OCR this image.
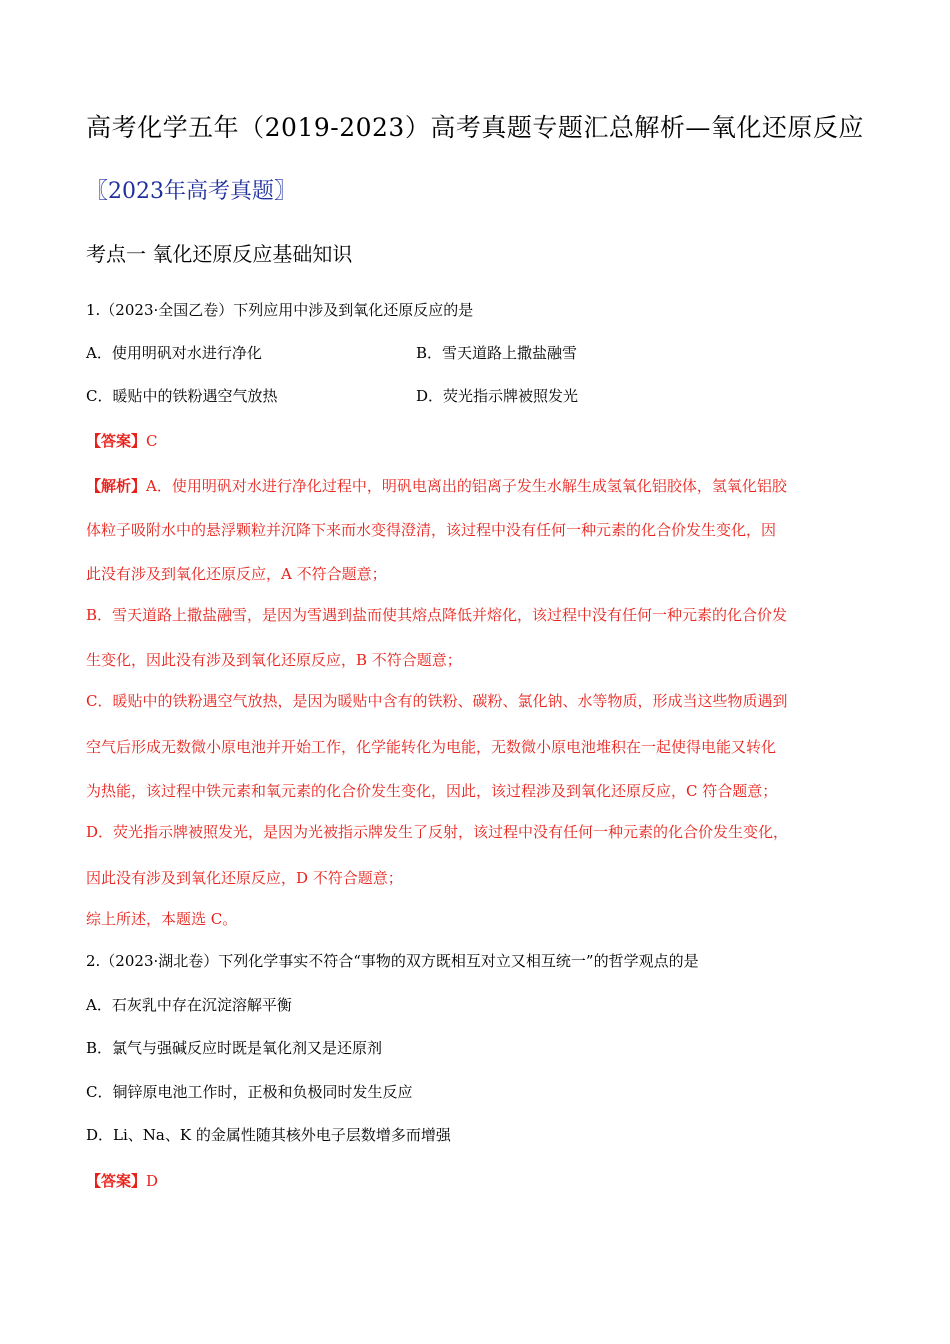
高考化学五年（2019-2023）高考真题专题汇总解析—氧化还原反应
〖2023年高考真题〗
考点一 氧化还原反应基础知识
1.（2023·全国乙卷）下列应用中涉及到氧化还原反应的是
A．使用明矾对水进行净化	B．雪天道路上撒盐融雪
C．暖贴中的铁粉遇空气放热	D．荧光指示牌被照发光
【答案】C
【解析】A．使用明矾对水进行净化过程中，明矾电离出的铝离子发生水解生成氢氧化铝胶体，氢氧化铝胶
体粒子吸附水中的悬浮颗粒并沉降下来而水变得澄清，该过程中没有任何一种元素的化合价发生变化，因
此没有涉及到氧化还原反应，A 不符合题意；
B．雪天道路上撒盐融雪，是因为雪遇到盐而使其熔点降低并熔化，该过程中没有任何一种元素的化合价发
生变化，因此没有涉及到氧化还原反应，B 不符合题意；
C．暖贴中的铁粉遇空气放热，是因为暖贴中含有的铁粉、碳粉、氯化钠、水等物质，形成当这些物质遇到
空气后形成无数微小原电池并开始工作，化学能转化为电能，无数微小原电池堆积在一起使得电能又转化
为热能，该过程中铁元素和氧元素的化合价发生变化，因此，该过程涉及到氧化还原反应，C 符合题意；
D．荧光指示牌被照发光，是因为光被指示牌发生了反射，该过程中没有任何一种元素的化合价发生变化，
因此没有涉及到氧化还原反应，D 不符合题意；
综上所述，本题选 C。
2.（2023·湖北卷）下列化学事实不符合“事物的双方既相互对立又相互统一”的哲学观点的是
A．石灰乳中存在沉淀溶解平衡
B．氯气与强碱反应时既是氧化剂又是还原剂
C．铜锌原电池工作时，正极和负极同时发生反应
D．Li、Na、K 的金属性随其核外电子层数增多而增强
【答案】D
